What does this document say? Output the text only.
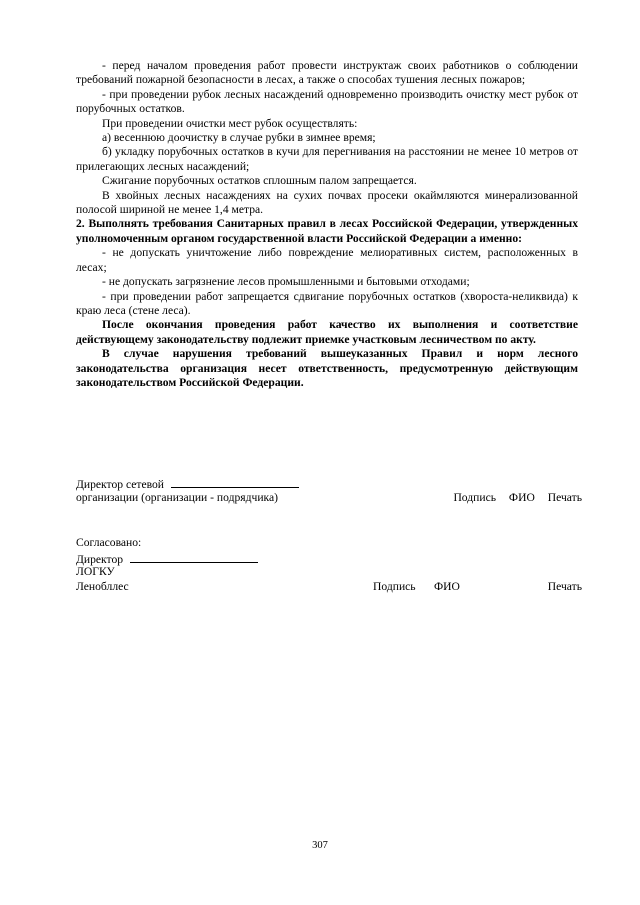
- перед началом проведения работ провести инструктаж своих работников о соблюдении требований пожарной безопасности в лесах, а также о способах тушения лесных пожаров;

- при проведении рубок лесных насаждений одновременно производить очистку мест рубок от порубочных остатков.

При проведении очистки мест рубок осуществлять:

а) весеннюю доочистку в случае рубки в зимнее время;

б) укладку порубочных остатков в кучи для перегнивания на расстоянии не менее 10 метров от прилегающих лесных насаждений;

Сжигание порубочных остатков сплошным палом запрещается.

В хвойных лесных насаждениях на сухих почвах просеки окаймляются минерализованной полосой шириной не менее 1,4 метра.

2. Выполнять требования Санитарных правил в лесах Российской Федерации, утвержденных уполномоченным органом государственной власти Российской Федерации а именно:

- не допускать уничтожение либо повреждение мелиоративных систем, расположенных в лесах;

- не допускать загрязнение лесов промышленными и бытовыми отходами;

- при проведении работ запрещается сдвигание порубочных остатков (хворостa-неликвида) к краю леса (стене леса).

После окончания проведения работ качество их выполнения и соответствие действующему законодательству подлежит приемке участковым лесничеством по акту.

В случае нарушения требований вышеуказанных Правил и норм лесного законодательства организация несет ответственность, предусмотренную действующим законодательством Российской Федерации.

Директор сетевой
организации (организации - подрядчика)	Подпись ФИО Печать
Согласовано:
Директор
ЛОГКУ
Ленобллес	Подпись ФИО	Печать
307
